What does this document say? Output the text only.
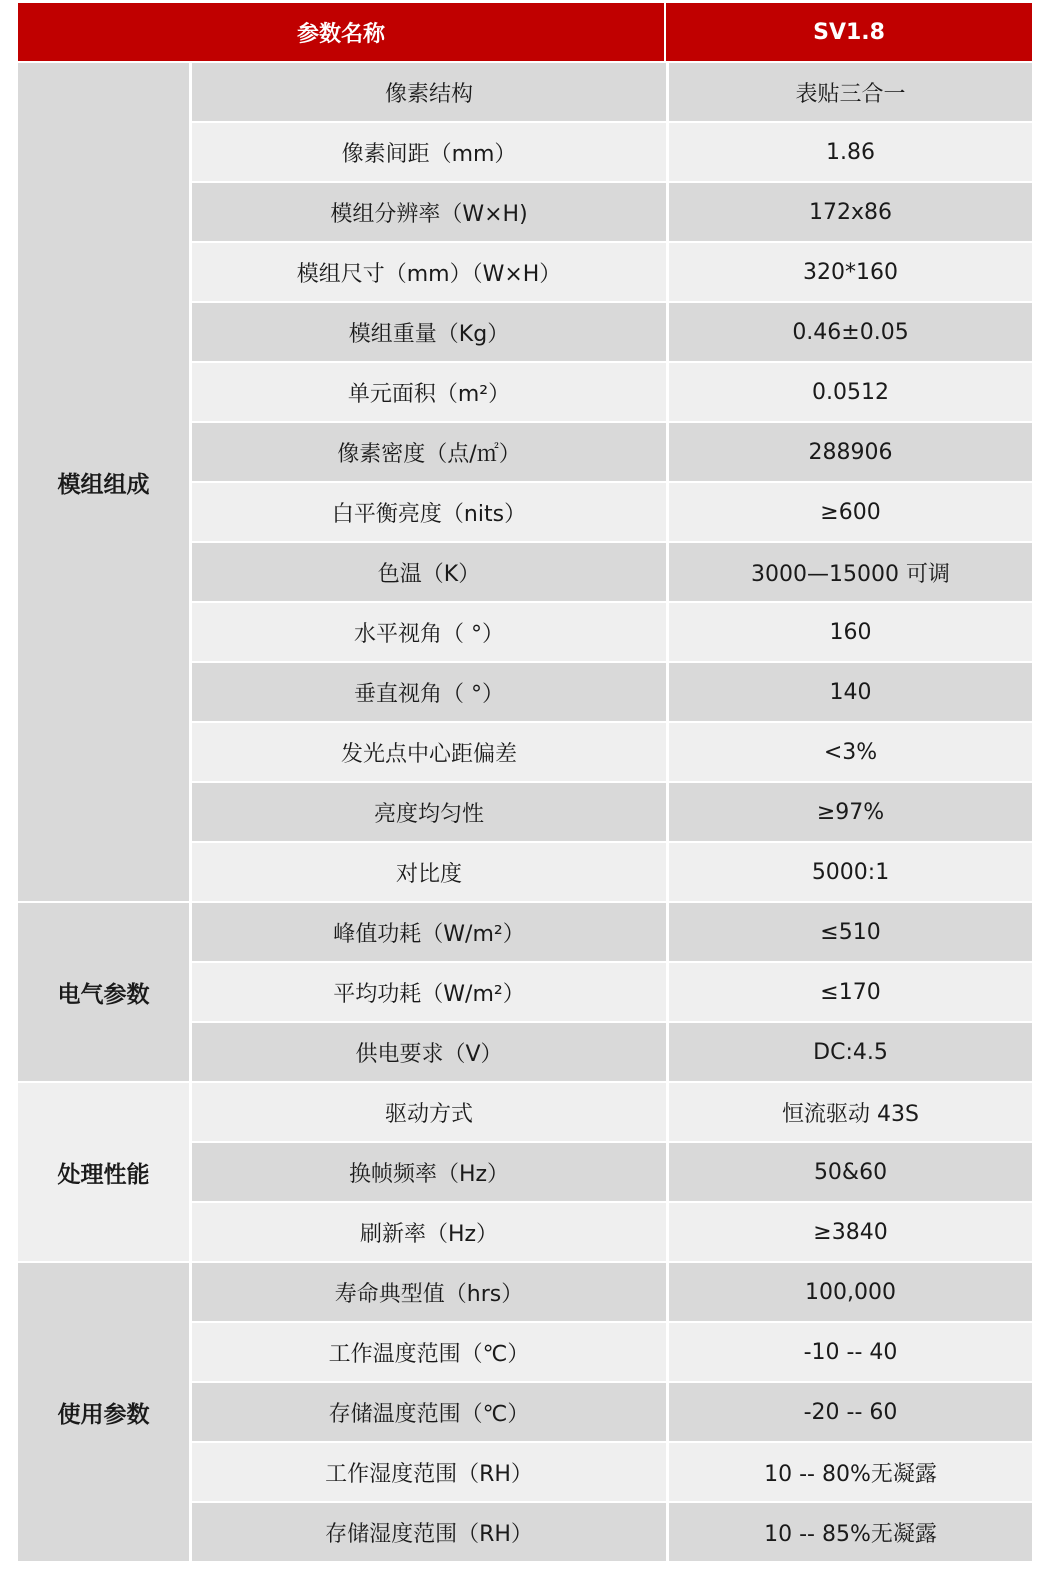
参数名称		SV1.8
模组组成	像素结构	表贴三合一
	像素间距（mm）	1.86
	模组分辨率（W×H)	172x86
	模组尺寸（mm）（W×H）	320*160
	模组重量（Kg）	0.46±0.05
	单元面积（m²）	0.0512
	像素密度（点/㎡）	288906
	白平衡亮度（nits）	≥600
	色温（K）	3000—15000 可调
	水平视角（ °）	160
	垂直视角（ °）	140
	发光点中心距偏差	<3%
	亮度均匀性	≥97%
	对比度	5000:1
电气参数	峰值功耗（W/m²）	≤510
	平均功耗（W/m²）	≤170
	供电要求（V）	DC:4.5
处理性能	驱动方式	恒流驱动 43S
	换帧频率（Hz）	50&60
	刷新率（Hz）	≥3840
使用参数	寿命典型值（hrs）	100,000
	工作温度范围（℃）	-10 -- 40
	存储温度范围（℃）	-20 -- 60
	工作湿度范围（RH）	10 -- 80%无凝露
	存储湿度范围（RH）	10 -- 85%无凝露
